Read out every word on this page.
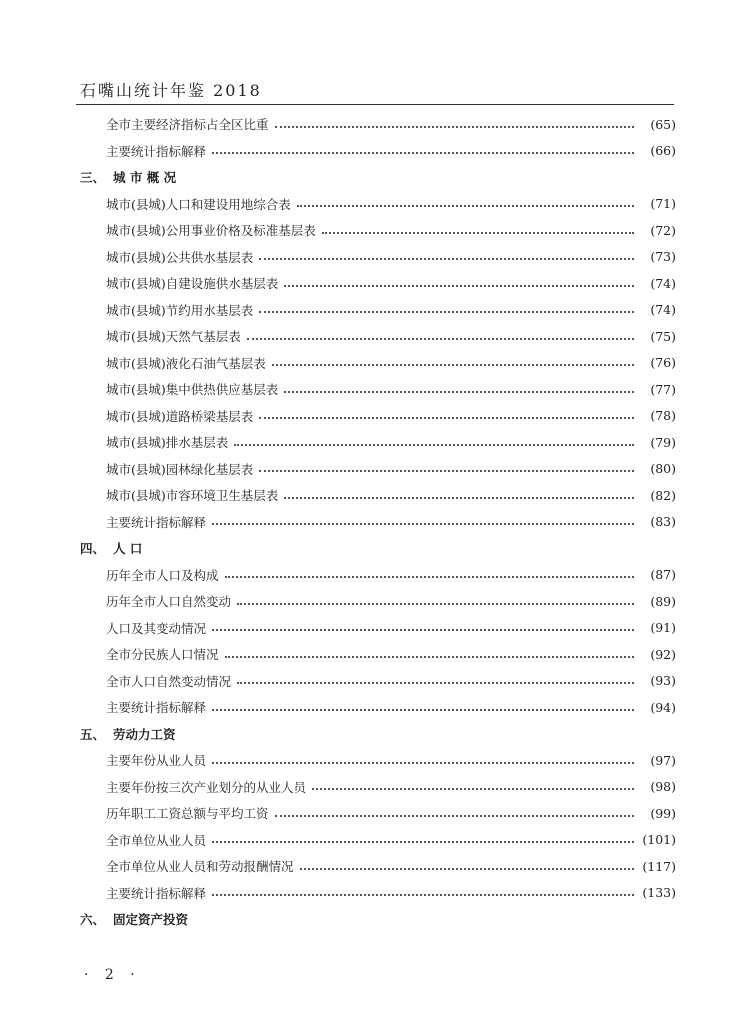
石嘴山统计年鉴 2018
全市主要经济指标占全区比重	(65)
主要统计指标解释	(66)
三、 城 市 概 况
城市(县城)人口和建设用地综合表	(71)
城市(县城)公用事业价格及标准基层表	(72)
城市(县城)公共供水基层表	(73)
城市(县城)自建设施供水基层表	(74)
城市(县城)节约用水基层表	(74)
城市(县城)天然气基层表	(75)
城市(县城)液化石油气基层表	(76)
城市(县城)集中供热供应基层表	(77)
城市(县城)道路桥梁基层表	(78)
城市(县城)排水基层表	(79)
城市(县城)园林绿化基层表	(80)
城市(县城)市容环境卫生基层表	(82)
主要统计指标解释	(83)
四、 人 口
历年全市人口及构成	(87)
历年全市人口自然变动	(89)
人口及其变动情况	(91)
全市分民族人口情况	(92)
全市人口自然变动情况	(93)
主要统计指标解释	(94)
五、 劳动力工资
主要年份从业人员	(97)
主要年份按三次产业划分的从业人员	(98)
历年职工工资总额与平均工资	(99)
全市单位从业人员	(101)
全市单位从业人员和劳动报酬情况	(117)
主要统计指标解释	(133)
六、 固定资产投资
· 2 ·
